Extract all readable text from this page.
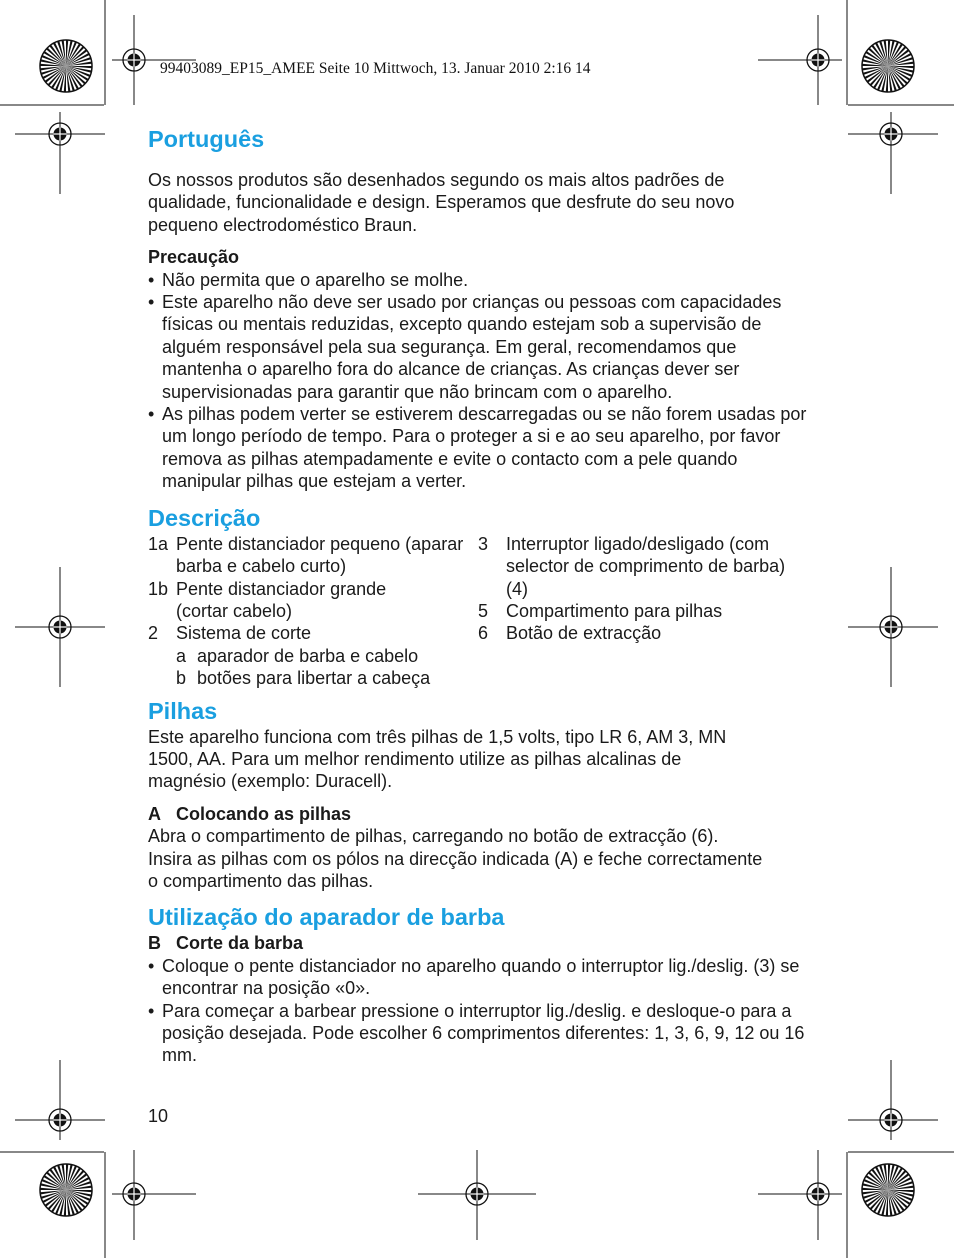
99403089_EP15_AMEE Seite 10 Mittwoch, 13. Januar 2010 2:16 14
Português

Os nossos produtos são desenhados segundo os mais altos padrões de qualidade, funcionalidade e design. Esperamos que desfrute do seu novo pequeno electrodoméstico Braun.

Precaução
• Não permita que o aparelho se molhe.
• Este aparelho não deve ser usado por crianças ou pessoas com capacidades físicas ou mentais reduzidas, excepto quando estejam sob a supervisão de alguém responsável pela sua segurança. Em geral, recomendamos que mantenha o aparelho fora do alcance de crianças. As crianças dever ser supervisionadas para garantir que não brincam com o aparelho.
• As pilhas podem verter se estiverem descarregadas ou se não forem usadas por um longo período de tempo. Para o proteger a si e ao seu aparelho, por favor remova as pilhas atempadamente e evite o contacto com a pele quando manipular pilhas que estejam a verter.
Descrição
1a Pente distanciador pequeno (aparar barba e cabelo curto)
1b Pente distanciador grande (cortar cabelo)
2 Sistema de corte
a aparador de barba e cabelo
b botões para libertar a cabeça
3 Interruptor ligado/desligado (com selector de comprimento de barba) (4)
5 Compartimento para pilhas
6 Botão de extracção
Pilhas

Este aparelho funciona com três pilhas de 1,5 volts, tipo LR 6, AM 3, MN 1500, AA. Para um melhor rendimento utilize as pilhas alcalinas de magnésio (exemplo: Duracell).

A Colocando as pilhas

Abra o compartimento de pilhas, carregando no botão de extracção (6). Insira as pilhas com os pólos na direcção indicada (A) e feche correctamente o compartimento das pilhas.

Utilização do aparador de barba
B Corte da barba
• Coloque o pente distanciador no aparelho quando o interruptor lig./deslig. (3) se encontrar na posição «0».
• Para começar a barbear pressione o interruptor lig./deslig. e desloque-o para a posição desejada. Pode escolher 6 comprimentos diferentes: 1, 3, 6, 9, 12 ou 16 mm.
10
